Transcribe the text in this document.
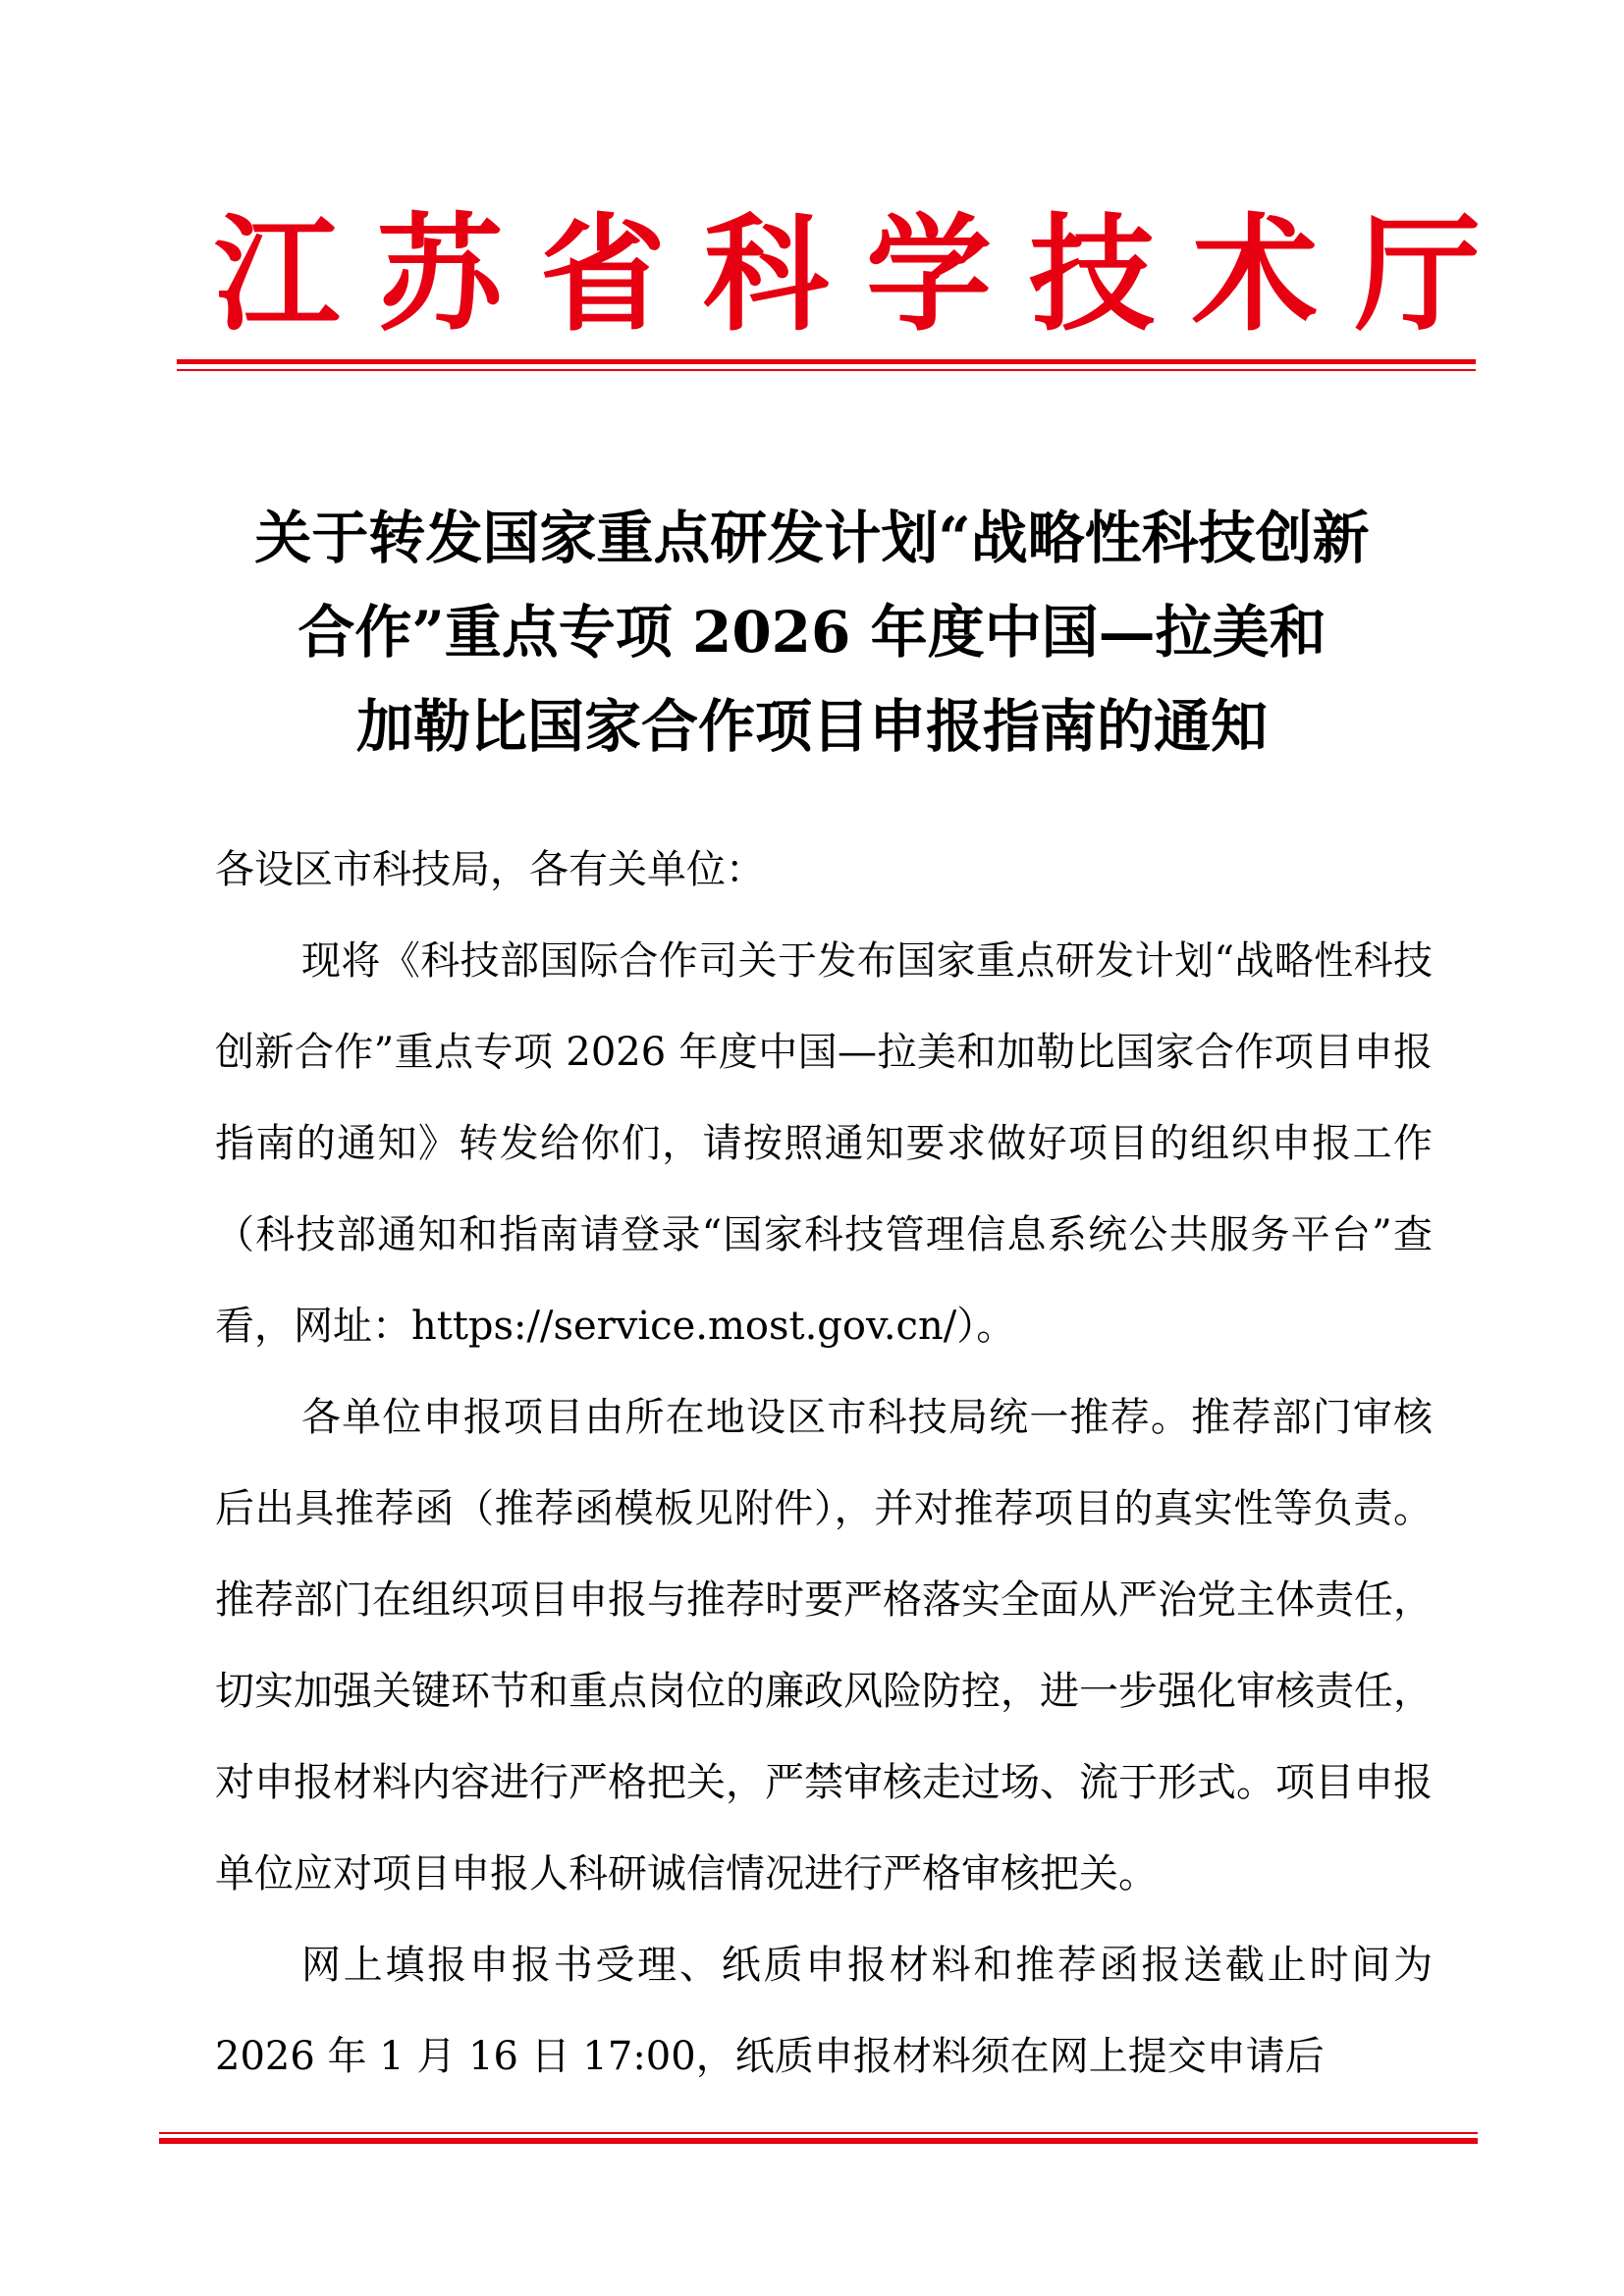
江苏省科学技术厅
关于转发国家重点研发计划“战略性科技创新
合作”重点专项 2026 年度中国—拉美和
加勒比国家合作项目申报指南的通知

各设区市科技局，各有关单位：

现将《科技部国际合作司关于发布国家重点研发计划“战略性科技创新合作”重点专项 2026 年度中国—拉美和加勒比国家合作项目申报指南的通知》转发给你们，请按照通知要求做好项目的组织申报工作（科技部通知和指南请登录“国家科技管理信息系统公共服务平台”查看，网址：https://service.most.gov.cn/）。

各单位申报项目由所在地设区市科技局统一推荐。推荐部门审核后出具推荐函（推荐函模板见附件），并对推荐项目的真实性等负责。推荐部门在组织项目申报与推荐时要严格落实全面从严治党主体责任，切实加强关键环节和重点岗位的廉政风险防控，进一步强化审核责任，对申报材料内容进行严格把关，严禁审核走过场、流于形式。项目申报单位应对项目申报人科研诚信情况进行严格审核把关。

网上填报申报书受理、纸质申报材料和推荐函报送截止时间为 2026 年 1 月 16 日 17:00，纸质申报材料须在网上提交申请后
